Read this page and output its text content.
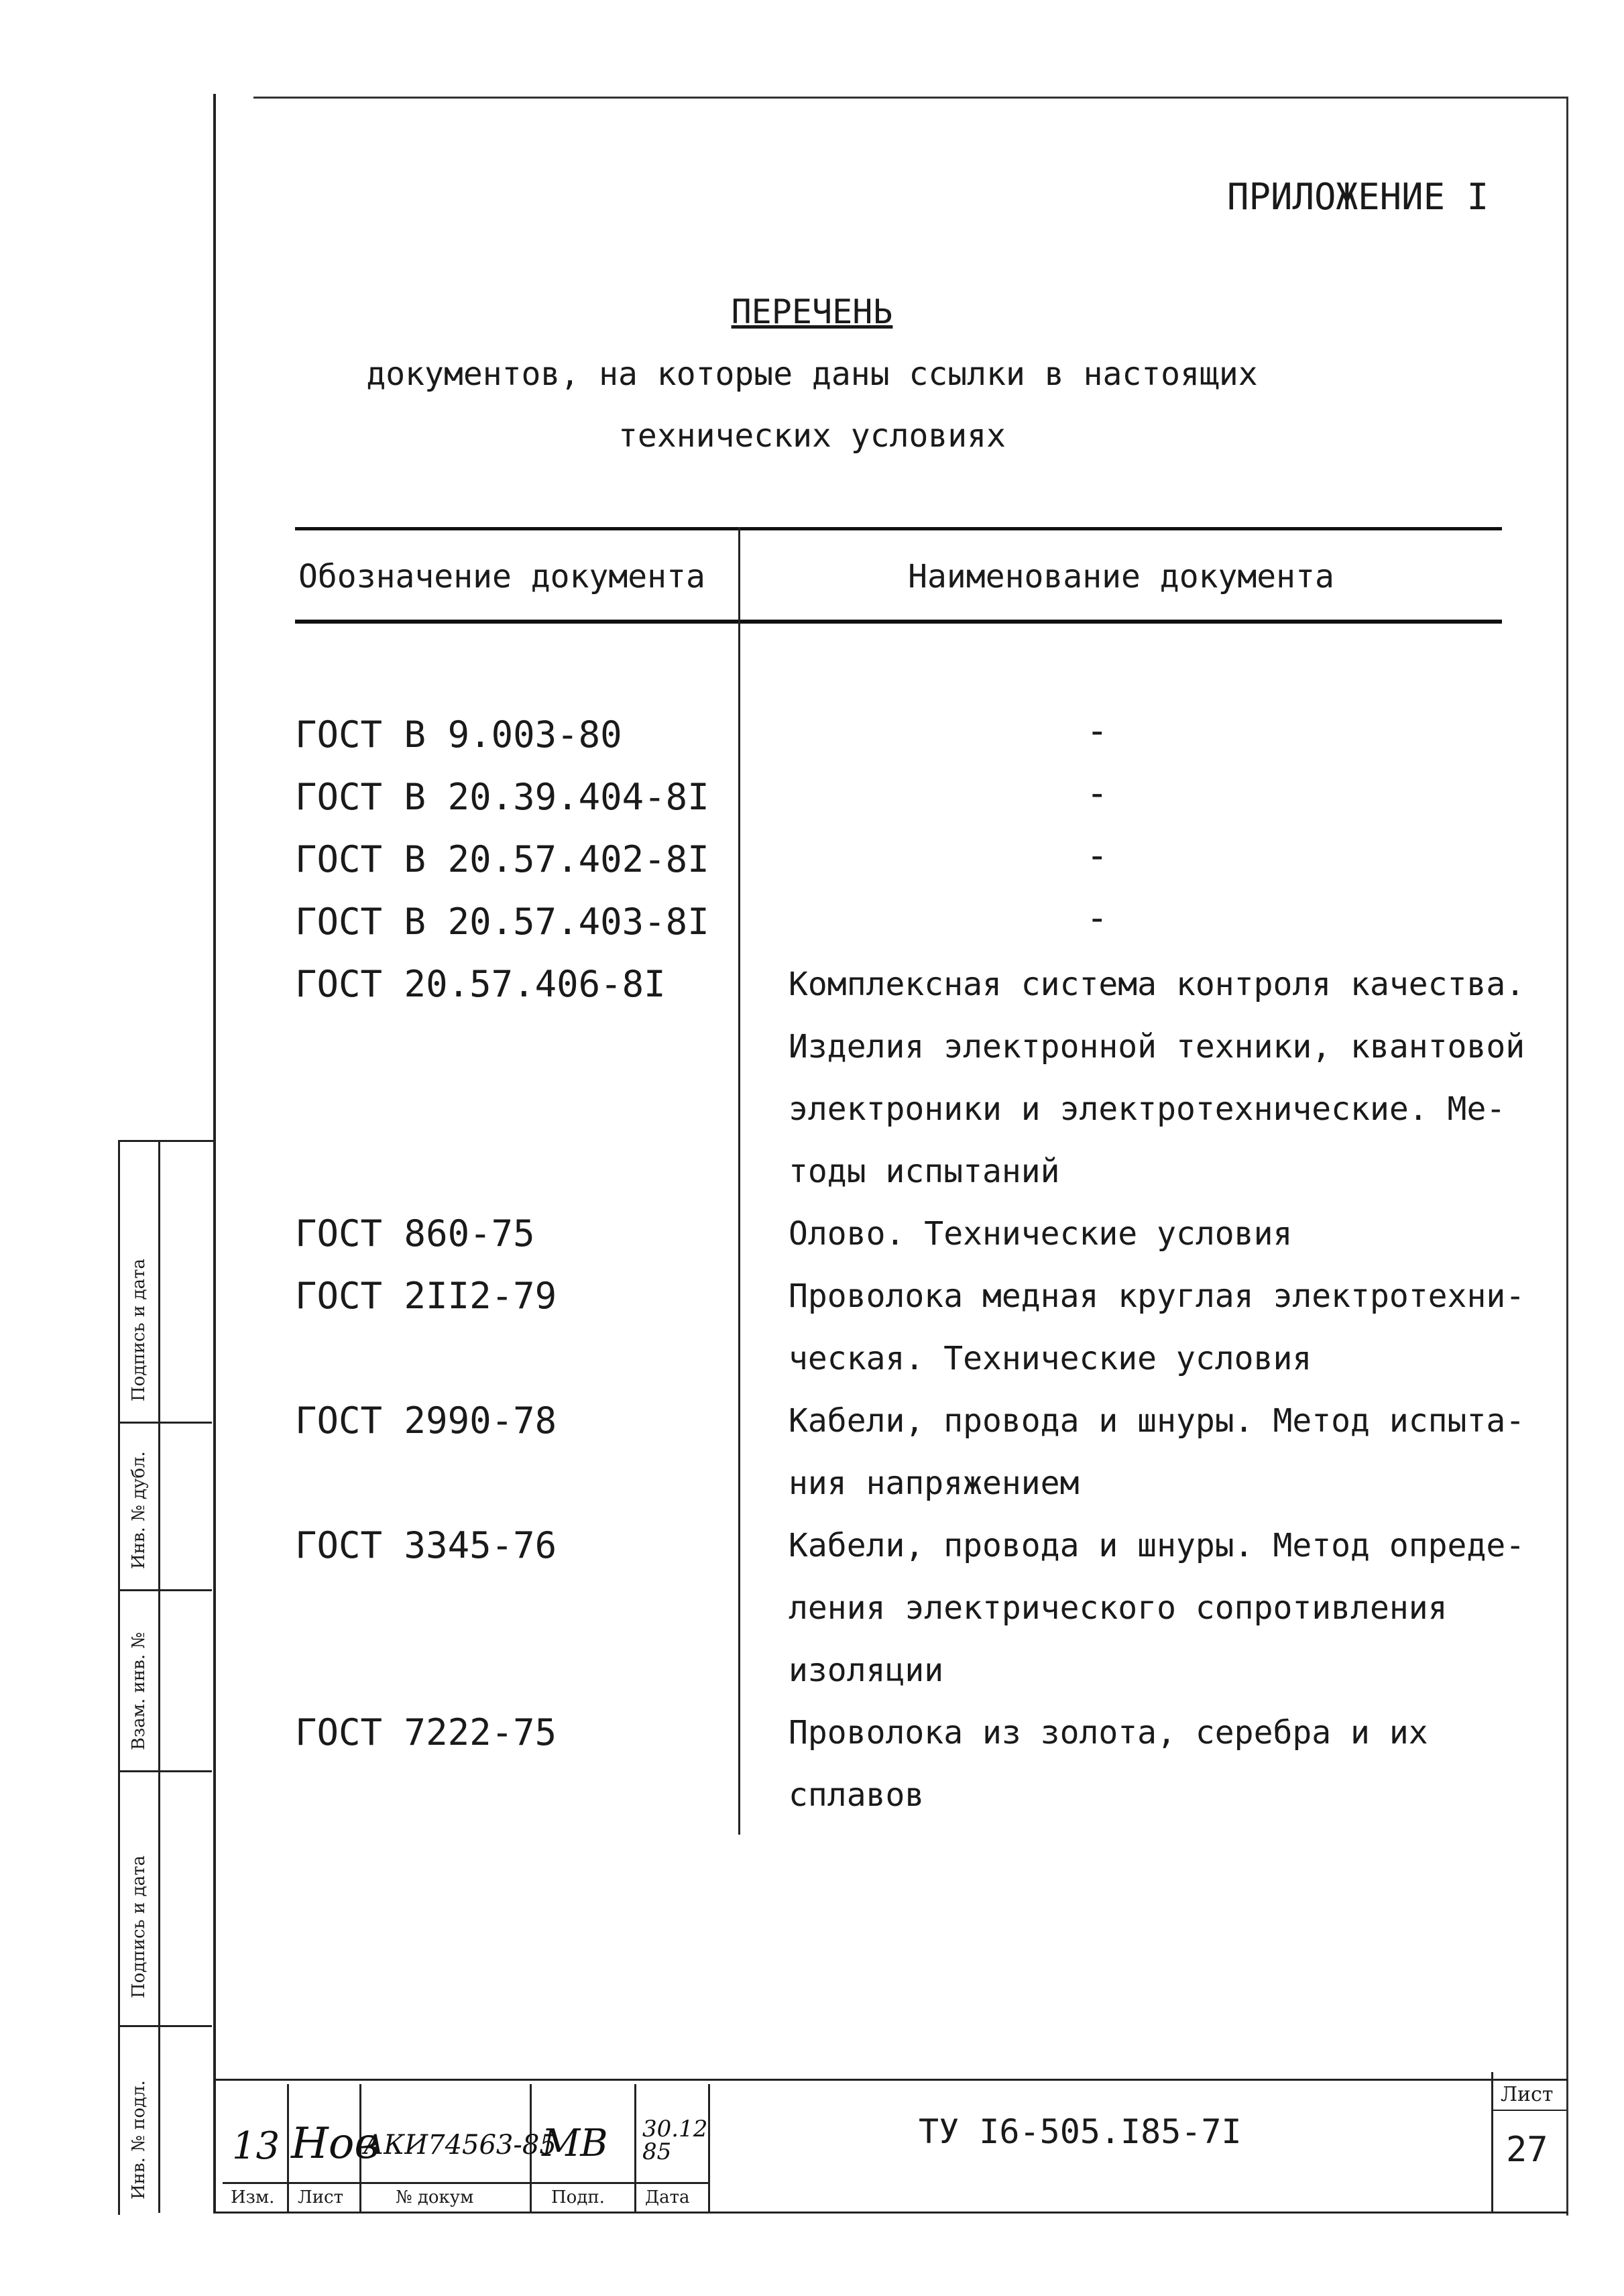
ПРИЛОЖЕНИЕ I
ПЕРЕЧЕНЬ
документов, на которые даны ссылки в настоящих
технических условиях
Обозначение документа	Наименование документа
ГОСТ В 9.003-80	-
ГОСТ В 20.39.404-8I	-
ГОСТ В 20.57.402-8I	-
ГОСТ В 20.57.403-8I	-
ГОСТ 20.57.406-8I	Комплексная система контроля качества.
Изделия электронной техники, квантовой
электроники и электротехнические. Ме-
тоды испытаний
ГОСТ 860-75	Олово. Технические условия
ГОСТ 2II2-79	Проволока медная круглая электротехни-
ческая. Технические условия
ГОСТ 2990-78	Кабели, провода и шнуры. Метод испыта-
ния напряжением
ГОСТ 3345-76	Кабели, провода и шнуры. Метод опреде-
ления электрического сопротивления
изоляции
ГОСТ 7222-75	Проволока из золота, серебра и их
сплавов
Подпись и дата
Инв. № дубл.
Взам. инв. №
Подпись и дата
Инв. № подл. 13 Нов
АКИ74563-85
МВ 30.12 85
Изм. Лист	№ докум	Подп. Дата
ТУ I6-505.I85-7I
Лист
27
